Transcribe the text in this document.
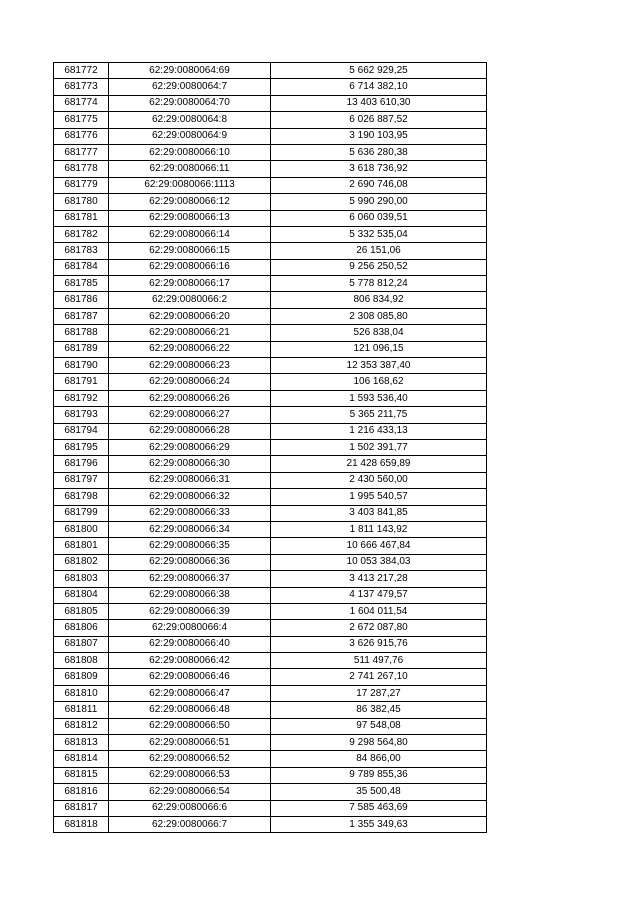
681772	62:29:0080064:69	5 662 929,25
681773	62:29:0080064:7	6 714 382,10
681774	62:29:0080064:70	13 403 610,30
681775	62:29:0080064:8	6 026 887,52
681776	62:29:0080064:9	3 190 103,95
681777	62:29:0080066:10	5 636 280,38
681778	62:29:0080066:11	3 618 736,92
681779	62:29:0080066:1113	2 690 746,08
681780	62:29:0080066:12	5 990 290,00
681781	62:29:0080066:13	6 060 039,51
681782	62:29:0080066:14	5 332 535,04
681783	62:29:0080066:15	26 151,06
681784	62:29:0080066:16	9 256 250,52
681785	62:29:0080066:17	5 778 812,24
681786	62:29:0080066:2	806 834,92
681787	62:29:0080066:20	2 308 085,80
681788	62:29:0080066:21	526 838,04
681789	62:29:0080066:22	121 096,15
681790	62:29:0080066:23	12 353 387,40
681791	62:29:0080066:24	106 168,62
681792	62:29:0080066:26	1 593 536,40
681793	62:29:0080066:27	5 365 211,75
681794	62:29:0080066:28	1 216 433,13
681795	62:29:0080066:29	1 502 391,77
681796	62:29:0080066:30	21 428 659,89
681797	62:29:0080066:31	2 430 560,00
681798	62:29:0080066:32	1 995 540,57
681799	62:29:0080066:33	3 403 841,85
681800	62:29:0080066:34	1 811 143,92
681801	62:29:0080066:35	10 666 467,84
681802	62:29:0080066:36	10 053 384,03
681803	62:29:0080066:37	3 413 217,28
681804	62:29:0080066:38	4 137 479,57
681805	62:29:0080066:39	1 604 011,54
681806	62:29:0080066:4	2 672 087,80
681807	62:29:0080066:40	3 626 915,76
681808	62:29:0080066:42	511 497,76
681809	62:29:0080066:46	2 741 267,10
681810	62:29:0080066:47	17 287,27
681811	62:29:0080066:48	86 382,45
681812	62:29:0080066:50	97 548,08
681813	62:29:0080066:51	9 298 564,80
681814	62:29:0080066:52	84 866,00
681815	62:29:0080066:53	9 789 855,36
681816	62:29:0080066:54	35 500,48
681817	62:29:0080066:6	7 585 463,69
681818	62:29:0080066:7	1 355 349,63
